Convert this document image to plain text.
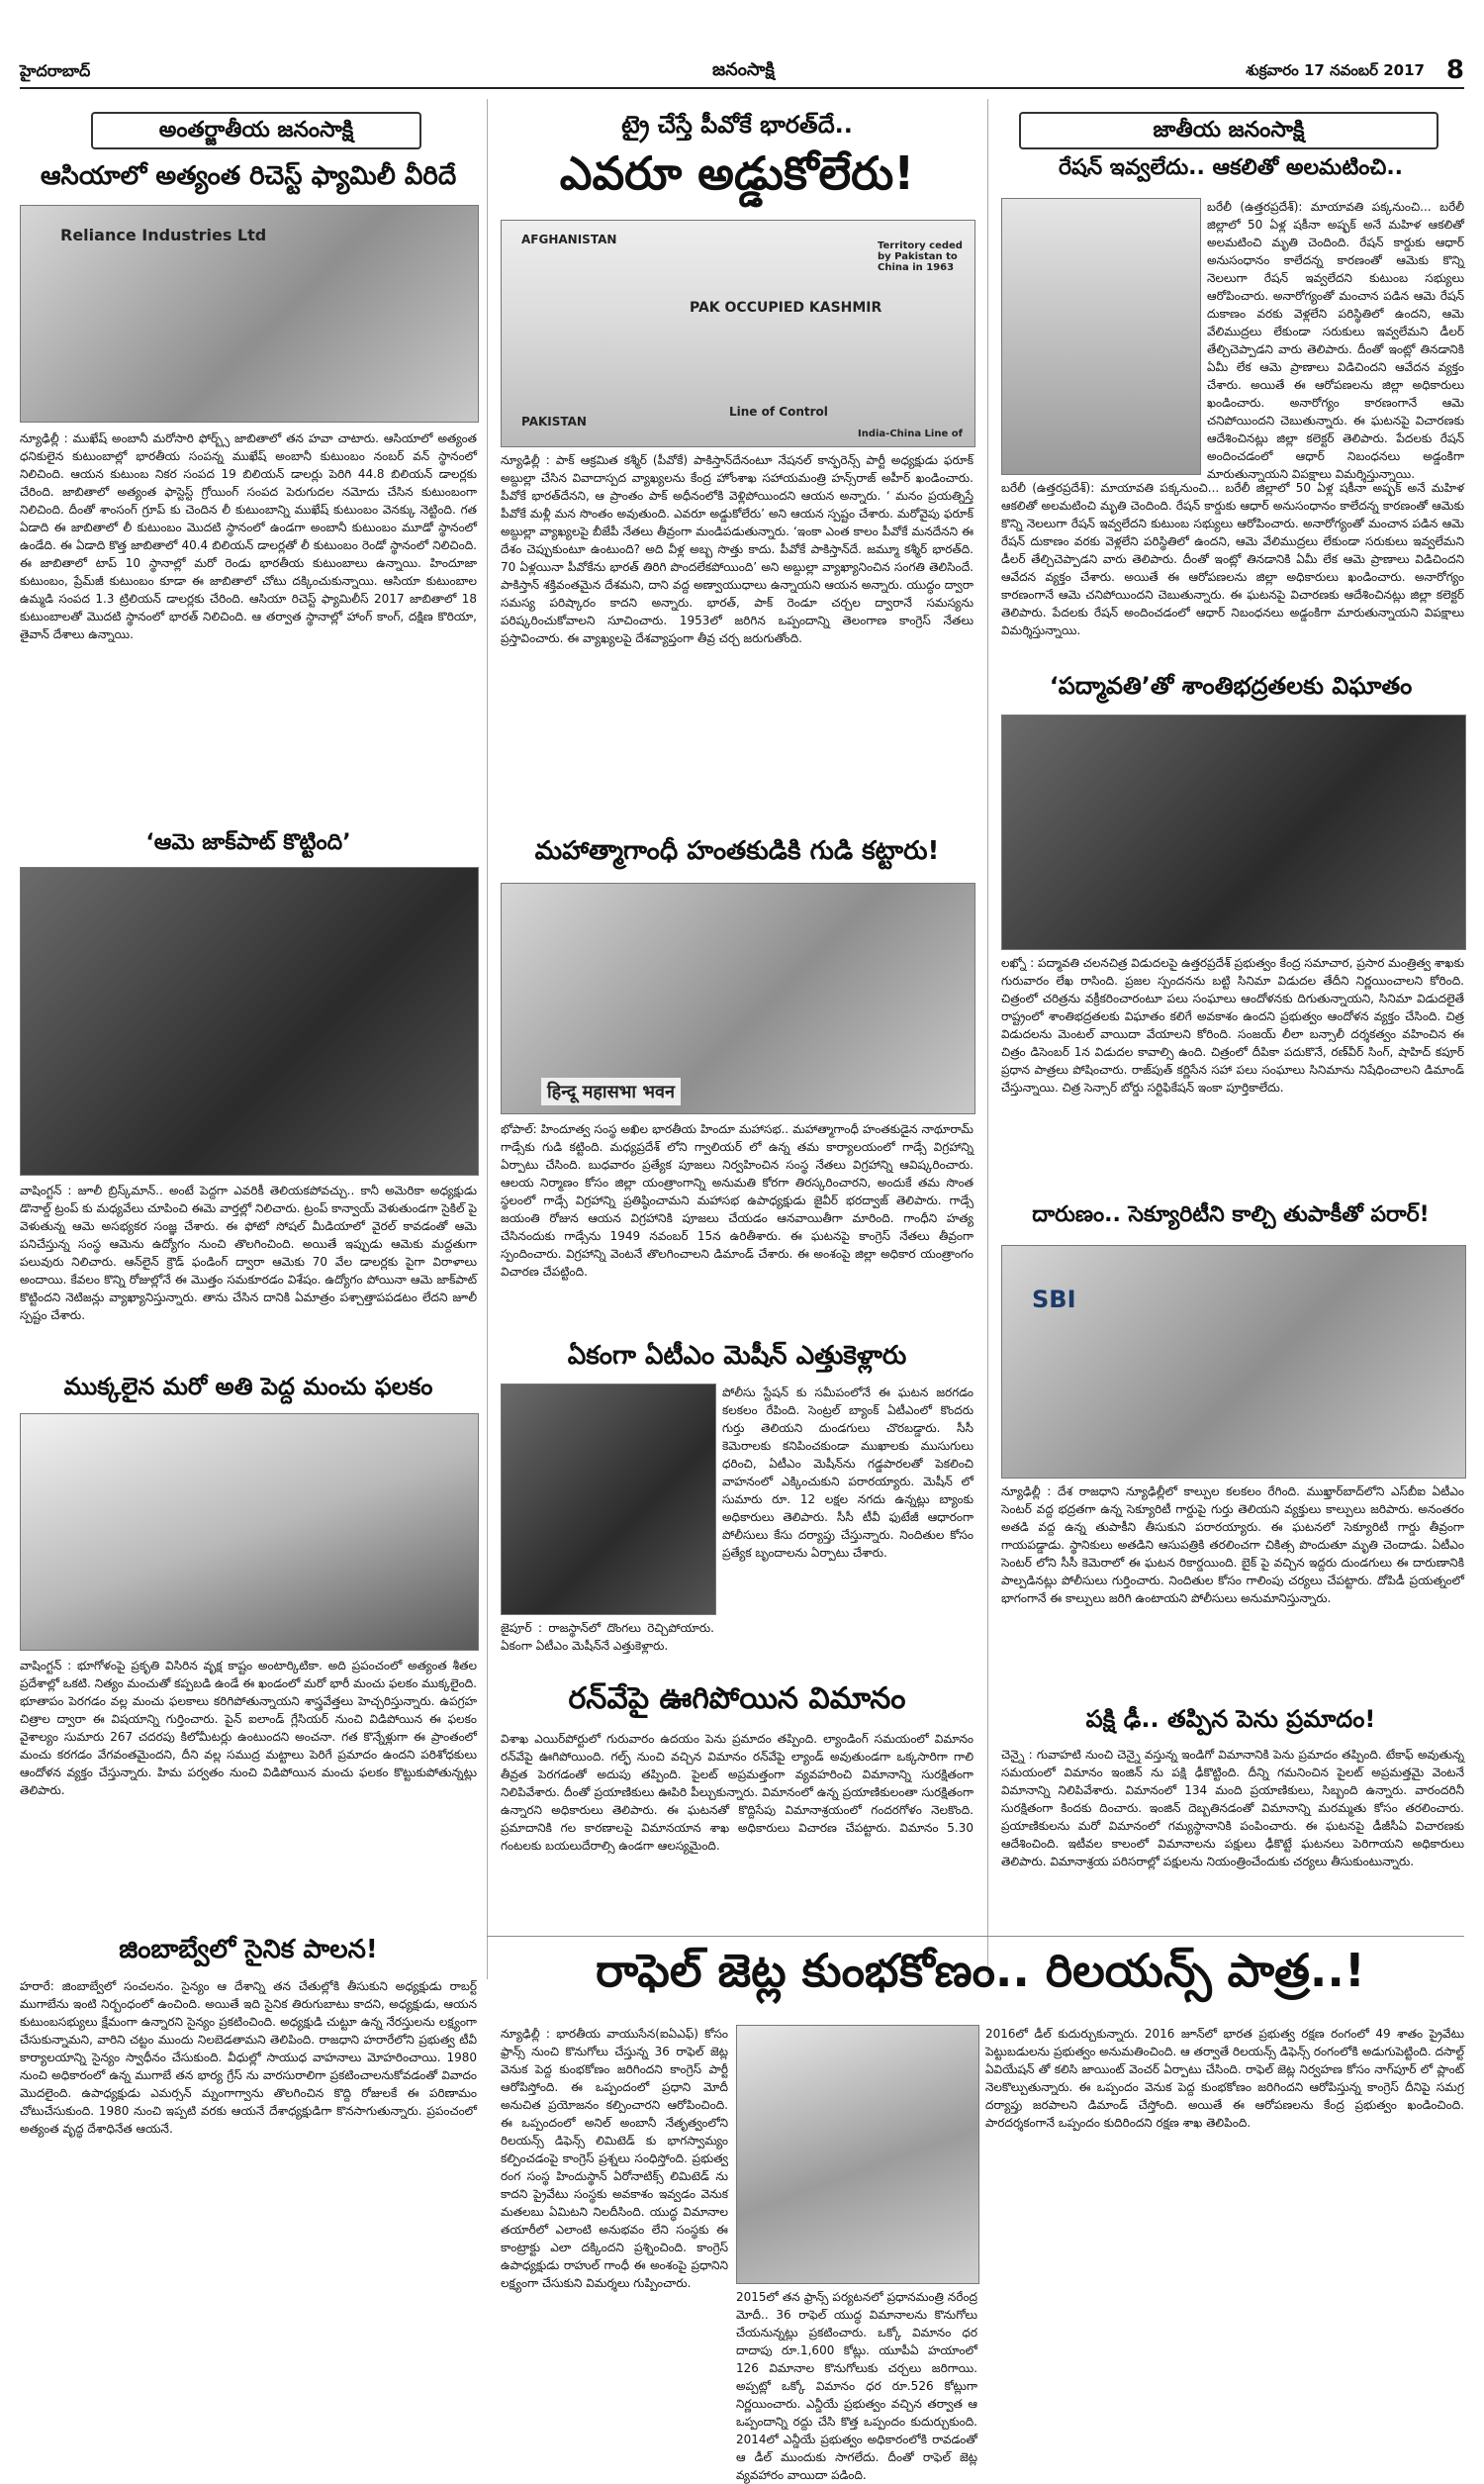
హైదరాబాద్	జనంసాక్షి	శుక్రవారం 17 నవంబర్ 2017 8
అంతర్జాతీయ జనంసాక్షి
ఆసియాలో అత్యంత రిచెస్ట్ ఫ్యామిలీ వీరిదే
Reliance Industries Ltd
న్యూఢిల్లీ : ముఖేష్ అంబానీ మరోసారి ఫోర్బ్స్ జాబితాలో తన హవా చాటారు. ఆసియాలో అత్యంత ధనికులైన కుటుంబాల్లో భారతీయ సంపన్న ముఖేష్ అంబానీ కుటుంబం నంబర్ వన్ స్థానంలో నిలిచింది. ఆయన కుటుంబ నికర సంపద 19 బిలియన్ డాలర్లు పెరిగి 44.8 బిలియన్ డాలర్లకు చేరింది. జాబితాలో అత్యంత ఫాస్టెస్ట్ గ్రోయింగ్ సంపద పెరుగుదల నమోదు చేసిన కుటుంబంగా నిలిచింది. దీంతో శాంసంగ్ గ్రూప్ కు చెందిన లీ కుటుంబాన్ని ముఖేష్ కుటుంబం వెనక్కు నెట్టింది. గత ఏడాది ఈ జాబితాలో లీ కుటుంబం మొదటి స్థానంలో ఉండగా అంబానీ కుటుంబం మూడో స్థానంలో ఉండేది. ఈ ఏడాది కొత్త జాబితాలో 40.4 బిలియన్ డాలర్లతో లీ కుటుంబం రెండో స్థానంలో నిలిచింది. ఈ జాబితాలో టాప్ 10 స్థానాల్లో మరో రెండు భారతీయ కుటుంబాలు ఉన్నాయి. హిందూజా కుటుంబం, ప్రేమ్‌జీ కుటుంబం కూడా ఈ జాబితాలో చోటు దక్కించుకున్నాయి. ఆసియా కుటుంబాల ఉమ్మడి సంపద 1.3 ట్రిలియన్ డాలర్లకు చేరింది. ఆసియా రిచెస్ట్ ఫ్యామిలీస్ 2017 జాబితాలో 18 కుటుంబాలతో మొదటి స్థానంలో భారత్ నిలిచింది. ఆ తర్వాత స్థానాల్లో హాంగ్ కాంగ్, దక్షిణ కొరియా, తైవాన్ దేశాలు ఉన్నాయి.
‘ఆమె జాక్‌పాట్ కొట్టింది’
వాషింగ్టన్ : జూలీ బ్రిస్క్‌మాన్.. అంటే పెద్దగా ఎవరికీ తెలియకపోవచ్చు.. కానీ అమెరికా అధ్యక్షుడు డొనాల్డ్ ట్రంప్ కు మధ్యవేలు చూపించి ఈమె వార్తల్లో నిలిచారు. ట్రంప్ కాన్వాయ్ వెళుతుండగా సైకిల్ పై వెళుతున్న ఆమె అసభ్యకర సంజ్ఞ చేశారు. ఈ ఫోటో సోషల్ మీడియాలో వైరల్ కావడంతో ఆమె పనిచేస్తున్న సంస్థ ఆమెను ఉద్యోగం నుంచి తొలగించింది. అయితే ఇప్పుడు ఆమెకు మద్దతుగా పలువురు నిలిచారు. ఆన్‌లైన్ క్రౌడ్ ఫండింగ్ ద్వారా ఆమెకు 70 వేల డాలర్లకు పైగా విరాళాలు అందాయి. కేవలం కొన్ని రోజుల్లోనే ఈ మొత్తం సమకూరడం విశేషం. ఉద్యోగం పోయినా ఆమె జాక్‌పాట్ కొట్టిందని నెటిజన్లు వ్యాఖ్యానిస్తున్నారు. తాను చేసిన దానికి ఏమాత్రం పశ్చాత్తాపపడటం లేదని జూలీ స్పష్టం చేశారు.
ముక్కలైన మరో అతి పెద్ద మంచు ఫలకం
వాషింగ్టన్ : భూగోళంపై ప్రకృతి విసిరిన వృక్ష కాష్టం అంటార్కిటికా. అది ప్రపంచంలో అత్యంత శీతల ప్రదేశాల్లో ఒకటి. నిత్యం మంచుతో కప్పబడి ఉండే ఈ ఖండంలో మరో భారీ మంచు ఫలకం ముక్కలైంది. భూతాపం పెరగడం వల్ల మంచు ఫలకాలు కరిగిపోతున్నాయని శాస్త్రవేత్తలు హెచ్చరిస్తున్నారు. ఉపగ్రహ చిత్రాల ద్వారా ఈ విషయాన్ని గుర్తించారు. పైన్ ఐలాండ్ గ్లేసియర్ నుంచి విడిపోయిన ఈ ఫలకం వైశాల్యం సుమారు 267 చదరపు కిలోమీటర్లు ఉంటుందని అంచనా. గత కొన్నేళ్లుగా ఈ ప్రాంతంలో మంచు కరగడం వేగవంతమైందని, దీని వల్ల సముద్ర మట్టాలు పెరిగే ప్రమాదం ఉందని పరిశోధకులు ఆందోళన వ్యక్తం చేస్తున్నారు. హిమ పర్వతం నుంచి విడిపోయిన మంచు ఫలకం కొట్టుకుపోతున్నట్లు తెలిపారు.
జింబాబ్వేలో సైనిక పాలన!
హరారే: జింబాబ్వేలో సంచలనం. సైన్యం ఆ దేశాన్ని తన చేతుల్లోకి తీసుకుని అధ్యక్షుడు రాబర్ట్ ముగాబేను ఇంటి నిర్బంధంలో ఉంచింది. అయితే ఇది సైనిక తిరుగుబాటు కాదని, అధ్యక్షుడు, ఆయన కుటుంబసభ్యులు క్షేమంగా ఉన్నారని సైన్యం ప్రకటించింది. అధ్యక్షుడి చుట్టూ ఉన్న నేరస్తులను లక్ష్యంగా చేసుకున్నామని, వారిని చట్టం ముందు నిలబెడతామని తెలిపింది. రాజధాని హరారేలోని ప్రభుత్వ టీవీ కార్యాలయాన్ని సైన్యం స్వాధీనం చేసుకుంది. వీధుల్లో సాయుధ వాహనాలు మోహరించాయి. 1980 నుంచి అధికారంలో ఉన్న ముగాబే తన భార్య గ్రేస్ ను వారసురాలిగా ప్రకటించాలనుకోవడంతో వివాదం మొదలైంది. ఉపాధ్యక్షుడు ఎమర్సన్ మ్నంగాగ్వాను తొలగించిన కొద్ది రోజులకే ఈ పరిణామం చోటుచేసుకుంది. 1980 నుంచి ఇప్పటి వరకు ఆయనే దేశాధ్యక్షుడిగా కొనసాగుతున్నారు. ప్రపంచంలో అత్యంత వృద్ధ దేశాధినేత ఆయనే.
ట్రై చేస్తే పీవోకే భారత్‌దే..
ఎవరూ అడ్డుకోలేరు!
AFGHANISTAN
PAK OCCUPIED KASHMIR
PAKISTAN
Line of Control
India-China Line of
Territory ceded by Pakistan to China in 1963
న్యూఢిల్లీ : పాక్ ఆక్రమిత కశ్మీర్ (పీవోకే) పాకిస్తాన్‌దేనంటూ నేషనల్ కాన్ఫరెన్స్ పార్టీ అధ్యక్షుడు ఫరూక్ అబ్దుల్లా చేసిన వివాదాస్పద వ్యాఖ్యలను కేంద్ర హోంశాఖ సహాయమంత్రి హన్స్‌రాజ్ అహీర్ ఖండించారు. పీవోకే భారత్‌దేనని, ఆ ప్రాంతం పాక్ అధీనంలోకి వెళ్లిపోయిందని ఆయన అన్నారు. ‘ మనం ప్రయత్నిస్తే పీవోకే మళ్లీ మన సొంతం అవుతుంది. ఎవరూ అడ్డుకోలేరు’ అని ఆయన స్పష్టం చేశారు. మరోవైపు ఫరూక్ అబ్దుల్లా వ్యాఖ్యలపై బీజేపీ నేతలు తీవ్రంగా మండిపడుతున్నారు. ‘ఇంకా ఎంత కాలం పీవోకే మనదేనని ఈ దేశం చెప్పుకుంటూ ఉంటుంది? అది వీళ్ల అబ్బ సొత్తు కాదు. పీవోకే పాకిస్తాన్‌దే. జమ్మూ కశ్మీర్ భారత్‌ది. 70 ఏళ్లయినా పీవోకేను భారత్ తిరిగి పొందలేకపోయింది’ అని అబ్దుల్లా వ్యాఖ్యానించిన సంగతి తెలిసిందే. పాకిస్తాన్ శక్తివంతమైన దేశమని, దాని వద్ద అణ్వాయుధాలు ఉన్నాయని ఆయన అన్నారు. యుద్ధం ద్వారా సమస్య పరిష్కారం కాదని అన్నారు. భారత్, పాక్ రెండూ చర్చల ద్వారానే సమస్యను పరిష్కరించుకోవాలని సూచించారు. 1953లో జరిగిన ఒప్పందాన్ని తెలంగాణ కాంగ్రెస్ నేతలు ప్రస్తావించారు. ఈ వ్యాఖ్యలపై దేశవ్యాప్తంగా తీవ్ర చర్చ జరుగుతోంది.
మహాత్మాగాంధీ హంతకుడికి గుడి కట్టారు!
हिन्दू महासभा भवन
భోపాల్: హిందూత్వ సంస్థ అఖిల భారతీయ హిందూ మహాసభ.. మహాత్మాగాంధీ హంతకుడైన నాథూరామ్ గాడ్సేకు గుడి కట్టింది. మధ్యప్రదేశ్ లోని గ్వాలియర్ లో ఉన్న తమ కార్యాలయంలో గాడ్సే విగ్రహాన్ని ఏర్పాటు చేసింది. బుధవారం ప్రత్యేక పూజలు నిర్వహించిన సంస్థ నేతలు విగ్రహాన్ని ఆవిష్కరించారు. ఆలయ నిర్మాణం కోసం జిల్లా యంత్రాంగాన్ని అనుమతి కోరగా తిరస్కరించారని, అందుకే తమ సొంత స్థలంలో గాడ్సే విగ్రహాన్ని ప్రతిష్ఠించామని మహాసభ ఉపాధ్యక్షుడు జైవీర్ భరద్వాజ్ తెలిపారు. గాడ్సే జయంతి రోజున ఆయన విగ్రహానికి పూజలు చేయడం ఆనవాయితీగా మారింది. గాంధీని హత్య చేసినందుకు గాడ్సేను 1949 నవంబర్ 15న ఉరితీశారు. ఈ ఘటనపై కాంగ్రెస్ నేతలు తీవ్రంగా స్పందించారు. విగ్రహాన్ని వెంటనే తొలగించాలని డిమాండ్ చేశారు. ఈ అంశంపై జిల్లా అధికార యంత్రాంగం విచారణ చేపట్టింది.
ఏకంగా ఏటీఎం మెషీన్ ఎత్తుకెళ్లారు
జైపూర్ : రాజస్థాన్‌లో దొంగలు రెచ్చిపోయారు. ఏకంగా ఏటీఎం మెషీన్‌నే ఎత్తుకెళ్లారు.
పోలీసు స్టేషన్ కు సమీపంలోనే ఈ ఘటన జరగడం కలకలం రేపింది. సెంట్రల్ బ్యాంక్ ఏటీఎంలో కొందరు గుర్తు తెలియని దుండగులు చొరబడ్డారు. సీసీ కెమెరాలకు కనిపించకుండా ముఖాలకు ముసుగులు ధరించి, ఏటీఎం మెషీన్‌ను గడ్డపారలతో పెకలించి వాహనంలో ఎక్కించుకుని పరారయ్యారు. మెషీన్ లో సుమారు రూ. 12 లక్షల నగదు ఉన్నట్లు బ్యాంకు అధికారులు తెలిపారు. సీసీ టీవీ ఫుటేజీ ఆధారంగా పోలీసులు కేసు దర్యాప్తు చేస్తున్నారు. నిందితుల కోసం ప్రత్యేక బృందాలను ఏర్పాటు చేశారు.
రన్‌వేపై ఊగిపోయిన విమానం
విశాఖ ఎయిర్‌పోర్టులో గురువారం ఉదయం పెను ప్రమాదం తప్పింది. ల్యాండింగ్ సమయంలో విమానం రన్‌వేపై ఊగిపోయింది. గల్ఫ్ నుంచి వచ్చిన విమానం రన్‌వేపై ల్యాండ్ అవుతుండగా ఒక్కసారిగా గాలి తీవ్రత పెరగడంతో అదుపు తప్పింది. పైలట్ అప్రమత్తంగా వ్యవహరించి విమానాన్ని సురక్షితంగా నిలిపివేశారు. దీంతో ప్రయాణికులు ఊపిరి పీల్చుకున్నారు. విమానంలో ఉన్న ప్రయాణికులంతా సురక్షితంగా ఉన్నారని అధికారులు తెలిపారు. ఈ ఘటనతో కొద్దిసేపు విమానాశ్రయంలో గందరగోళం నెలకొంది. ప్రమాదానికి గల కారణాలపై విమానయాన శాఖ అధికారులు విచారణ చేపట్టారు. విమానం 5.30 గంటలకు బయలుదేరాల్సి ఉండగా ఆలస్యమైంది.
జాతీయ జనంసాక్షి
రేషన్ ఇవ్వలేదు.. ఆకలితో అలమటించి..
బరేలీ (ఉత్తరప్రదేశ్): మాయావతి పక్కనుంచి... బరేలీ జిల్లాలో 50 ఏళ్ల షకీనా అష్ఫక్ అనే మహిళ ఆకలితో అలమటించి మృతి చెందింది. రేషన్ కార్డుకు ఆధార్ అనుసంధానం కాలేదన్న కారణంతో ఆమెకు కొన్ని నెలలుగా రేషన్ ఇవ్వలేదని కుటుంబ సభ్యులు ఆరోపించారు. అనారోగ్యంతో మంచాన పడిన ఆమె రేషన్ దుకాణం వరకు వెళ్లలేని పరిస్థితిలో ఉందని, ఆమె వేలిముద్రలు లేకుండా సరుకులు ఇవ్వలేమని డీలర్ తేల్చిచెప్పాడని వారు తెలిపారు. దీంతో ఇంట్లో తినడానికి ఏమీ లేక ఆమె ప్రాణాలు విడిచిందని ఆవేదన వ్యక్తం చేశారు. అయితే ఈ ఆరోపణలను జిల్లా అధికారులు ఖండించారు. అనారోగ్యం కారణంగానే ఆమె చనిపోయిందని చెబుతున్నారు. ఈ ఘటనపై విచారణకు ఆదేశించినట్లు జిల్లా కలెక్టర్ తెలిపారు. పేదలకు రేషన్ అందించడంలో ఆధార్ నిబంధనలు అడ్డంకిగా మారుతున్నాయని విపక్షాలు విమర్శిస్తున్నాయి.
బరేలీ (ఉత్తరప్రదేశ్): మాయావతి పక్కనుంచి... బరేలీ జిల్లాలో 50 ఏళ్ల షకీనా అష్ఫక్ అనే మహిళ ఆకలితో అలమటించి మృతి చెందింది. రేషన్ కార్డుకు ఆధార్ అనుసంధానం కాలేదన్న కారణంతో ఆమెకు కొన్ని నెలలుగా రేషన్ ఇవ్వలేదని కుటుంబ సభ్యులు ఆరోపించారు. అనారోగ్యంతో మంచాన పడిన ఆమె రేషన్ దుకాణం వరకు వెళ్లలేని పరిస్థితిలో ఉందని, ఆమె వేలిముద్రలు లేకుండా సరుకులు ఇవ్వలేమని డీలర్ తేల్చిచెప్పాడని వారు తెలిపారు. దీంతో ఇంట్లో తినడానికి ఏమీ లేక ఆమె ప్రాణాలు విడిచిందని ఆవేదన వ్యక్తం చేశారు. అయితే ఈ ఆరోపణలను జిల్లా అధికారులు ఖండించారు. అనారోగ్యం కారణంగానే ఆమె చనిపోయిందని చెబుతున్నారు. ఈ ఘటనపై విచారణకు ఆదేశించినట్లు జిల్లా కలెక్టర్ తెలిపారు. పేదలకు రేషన్ అందించడంలో ఆధార్ నిబంధనలు అడ్డంకిగా మారుతున్నాయని విపక్షాలు విమర్శిస్తున్నాయి.
‘పద్మావతి’తో శాంతిభద్రతలకు విఘాతం
లఖ్నో : పద్మావతి చలనచిత్ర విడుదలపై ఉత్తరప్రదేశ్ ప్రభుత్వం కేంద్ర సమాచార, ప్రసార మంత్రిత్వ శాఖకు గురువారం లేఖ రాసింది. ప్రజల స్పందనను బట్టి సినిమా విడుదల తేదీని నిర్ణయించాలని కోరింది. చిత్రంలో చరిత్రను వక్రీకరించారంటూ పలు సంఘాలు ఆందోళనకు దిగుతున్నాయని, సినిమా విడుదలైతే రాష్ట్రంలో శాంతిభద్రతలకు విఘాతం కలిగే అవకాశం ఉందని ప్రభుత్వం ఆందోళన వ్యక్తం చేసింది. చిత్ర విడుదలను మెంటల్ వాయిదా వేయాలని కోరింది. సంజయ్ లీలా బన్సాలీ దర్శకత్వం వహించిన ఈ చిత్రం డిసెంబర్ 1న విడుదల కావాల్సి ఉంది. చిత్రంలో దీపికా పదుకొనే, రణ్‌వీర్ సింగ్, షాహిద్ కపూర్ ప్రధాన పాత్రలు పోషించారు. రాజ్‌పుత్ కర్ణిసేన సహా పలు సంఘాలు సినిమాను నిషేధించాలని డిమాండ్ చేస్తున్నాయి. చిత్ర సెన్సార్ బోర్డు సర్టిఫికేషన్ ఇంకా పూర్తికాలేదు.
దారుణం.. సెక్యూరిటీని కాల్చి తుపాకీతో పరార్!
SBI
న్యూఢిల్లీ : దేశ రాజధాని న్యూఢిల్లీలో కాల్పుల కలకలం రేగింది. ముఖ్తార్‌బాద్‌లోని ఎస్‌బీఐ ఏటీఎం సెంటర్ వద్ద భద్రతగా ఉన్న సెక్యూరిటీ గార్డుపై గుర్తు తెలియని వ్యక్తులు కాల్పులు జరిపారు. అనంతరం అతడి వద్ద ఉన్న తుపాకీని తీసుకుని పరారయ్యారు. ఈ ఘటనలో సెక్యూరిటీ గార్డు తీవ్రంగా గాయపడ్డాడు. స్థానికులు అతడిని ఆసుపత్రికి తరలించగా చికిత్స పొందుతూ మృతి చెందాడు. ఏటీఎం సెంటర్ లోని సీసీ కెమెరాలో ఈ ఘటన రికార్డయింది. బైక్ పై వచ్చిన ఇద్దరు దుండగులు ఈ దారుణానికి పాల్పడినట్లు పోలీసులు గుర్తించారు. నిందితుల కోసం గాలింపు చర్యలు చేపట్టారు. దోపిడీ ప్రయత్నంలో భాగంగానే ఈ కాల్పులు జరిగి ఉంటాయని పోలీసులు అనుమానిస్తున్నారు.
పక్షి ఢీ.. తప్పిన పెను ప్రమాదం!
చెన్నై : గువాహటి నుంచి చెన్నై వస్తున్న ఇండిగో విమానానికి పెను ప్రమాదం తప్పింది. టేకాఫ్ అవుతున్న సమయంలో విమానం ఇంజిన్ ను పక్షి ఢీకొట్టింది. దీన్ని గమనించిన పైలట్ అప్రమత్తమై వెంటనే విమానాన్ని నిలిపివేశారు. విమానంలో 134 మంది ప్రయాణికులు, సిబ్బంది ఉన్నారు. వారందరినీ సురక్షితంగా కిందకు దించారు. ఇంజిన్ దెబ్బతినడంతో విమానాన్ని మరమ్మతు కోసం తరలించారు. ప్రయాణికులను మరో విమానంలో గమ్యస్థానానికి పంపించారు. ఈ ఘటనపై డీజీసీఏ విచారణకు ఆదేశించింది. ఇటీవల కాలంలో విమానాలను పక్షులు ఢీకొట్టే ఘటనలు పెరిగాయని అధికారులు తెలిపారు. విమానాశ్రయ పరిసరాల్లో పక్షులను నియంత్రించేందుకు చర్యలు తీసుకుంటున్నారు.
రాఫెల్ జెట్ల కుంభకోణం.. రిలయన్స్ పాత్ర..!
న్యూఢిల్లీ : భారతీయ వాయుసేన(ఐఏఎఫ్) కోసం ఫ్రాన్స్ నుంచి కొనుగోలు చేస్తున్న 36 రాఫెల్ జెట్ల వెనుక పెద్ద కుంభకోణం జరిగిందని కాంగ్రెస్ పార్టీ ఆరోపిస్తోంది. ఈ ఒప్పందంలో ప్రధాని మోదీ అనుచిత ప్రయోజనం కల్పించారని ఆరోపించింది. ఈ ఒప్పందంలో అనిల్ అంబానీ నేతృత్వంలోని రిలయన్స్ డిఫెన్స్ లిమిటెడ్ కు భాగస్వామ్యం కల్పించడంపై కాంగ్రెస్ ప్రశ్నలు సంధిస్తోంది. ప్రభుత్వ రంగ సంస్థ హిందుస్థాన్ ఏరోనాటిక్స్ లిమిటెడ్ ను కాదని ప్రైవేటు సంస్థకు అవకాశం ఇవ్వడం వెనుక మతలబు ఏమిటని నిలదీసింది. యుద్ధ విమానాల తయారీలో ఎలాంటి అనుభవం లేని సంస్థకు ఈ కాంట్రాక్టు ఎలా దక్కిందని ప్రశ్నించింది. కాంగ్రెస్ ఉపాధ్యక్షుడు రాహుల్ గాంధీ ఈ అంశంపై ప్రధానిని లక్ష్యంగా చేసుకుని విమర్శలు గుప్పించారు.
2015లో తన ఫ్రాన్స్ పర్యటనలో ప్రధానమంత్రి నరేంద్ర మోదీ.. 36 రాఫెల్ యుద్ధ విమానాలను కొనుగోలు చేయనున్నట్లు ప్రకటించారు. ఒక్కో విమానం ధర దాదాపు రూ.1,600 కోట్లు. యూపీఏ హయాంలో 126 విమానాల కొనుగోలుకు చర్చలు జరిగాయి. అప్పట్లో ఒక్కో విమానం ధర రూ.526 కోట్లుగా నిర్ణయించారు. ఎన్డీయే ప్రభుత్వం వచ్చిన తర్వాత ఆ ఒప్పందాన్ని రద్దు చేసి కొత్త ఒప్పందం కుదుర్చుకుంది. 2014లో ఎన్డీయే ప్రభుత్వం అధికారంలోకి రావడంతో ఆ డీల్ ముందుకు సాగలేదు. దీంతో రాఫెల్ జెట్ల వ్యవహారం వాయిదా పడింది.
2016లో డీల్ కుదుర్చుకున్నారు. 2016 జూన్‌లో భారత ప్రభుత్వ రక్షణ రంగంలో 49 శాతం ప్రైవేటు పెట్టుబడులను ప్రభుత్వం అనుమతించింది. ఆ తర్వాతే రిలయన్స్ డిఫెన్స్ రంగంలోకి అడుగుపెట్టింది. దసాల్ట్ ఏవియేషన్ తో కలిసి జాయింట్ వెంచర్ ఏర్పాటు చేసింది. రాఫెల్ జెట్ల నిర్వహణ కోసం నాగ్‌పూర్ లో ప్లాంట్ నెలకొల్పుతున్నారు. ఈ ఒప్పందం వెనుక పెద్ద కుంభకోణం జరిగిందని ఆరోపిస్తున్న కాంగ్రెస్ దీనిపై సమగ్ర దర్యాప్తు జరపాలని డిమాండ్ చేస్తోంది. అయితే ఈ ఆరోపణలను కేంద్ర ప్రభుత్వం ఖండించింది. పారదర్శకంగానే ఒప్పందం కుదిరిందని రక్షణ శాఖ తెలిపింది.
